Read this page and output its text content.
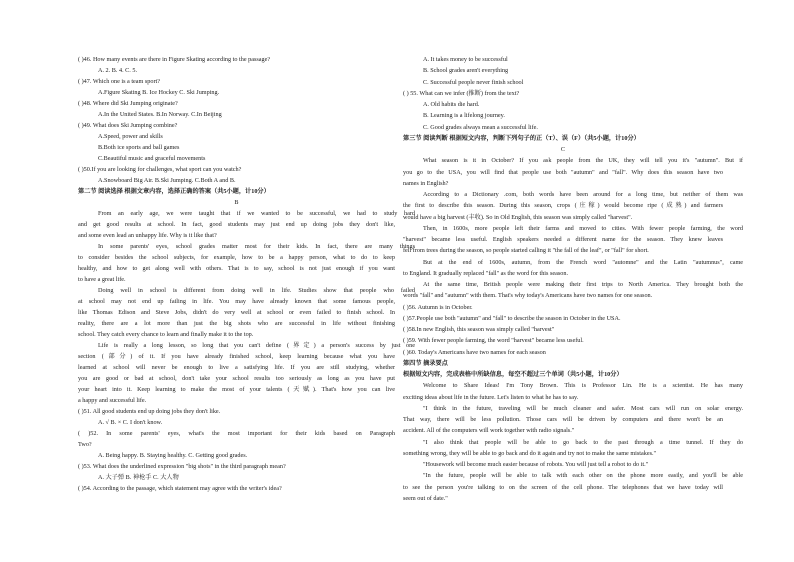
( )46. How many events are there in Figure Skating according to the passage?
A. 2. B. 4. C. 5.
( )47. Which one is a team sport?
A.Figure Skating B. Ice Hockey C. Ski Jumping.
( )48. Where did Ski Jumping originate?
A.In the United States. B.In Norway. C.In Beijing
( )49. What does Ski Jumping combine?
A.Speed, power and skills
B.Both ice sports and ball games
C.Beautiful music and graceful movements
( )50.If you are looking for challenges, what sport can you watch?
A.Snowboard Big Air. B.Ski Jumping. C.Both A and B.
第二节 阅读选择 根据文章内容，选择正确的答案（共5小题，计10分）
B
From an early age, we were taught that if we wanted to be successful, we had to study hard
and get good results at school. In fact, good students may just end up doing jobs they don't like,
and some even lead an unhappy life. Why is it like that?
In some parents' eyes, school grades matter most for their kids. In fact, there are many things
to consider besides the school subjects, for example, how to be a happy person, what to do to keep
healthy, and how to get along well with others. That is to say, school is not just enough if you want
to have a great life.
Doing well in school is different from doing well in life. Studies show that people who failed
at school may not end up failing in life. You may have already known that some famous people,
like Thomas Edison and Steve Jobs, didn't do very well at school or even failed to finish school. In
reality, there are a lot more than just the big shots who are successful in life without finishing
school. They catch every chance to learn and finally make it to the top.
Life is really a long lesson, so long that you can't define (界定) a person's success by just one
section (部分) of it. If you have already finished school, keep learning because what you have
learned at school will never be enough to live a satisfying life. If you are still studying, whether
you are good or bad at school, don't take your school results too seriously as long as you have put
your heart into it. Keep learning to make the most of your talents (天赋). That's how you can live
a happy and successful life.
( )51. All good students end up doing jobs they don't like.
A. √ B. × C. I don't know.
( )52. In some parents' eyes, what's the most important for their kids based on Paragraph
Two?
A. Being happy. B. Staying healthy. C. Getting good grades.
( )53. What does the underlined expression "big shots" in the third paragraph mean?
A. 大子弹 B. 神枪手 C. 大人物
( )54. According to the passage, which statement may agree with the writer's idea?
A. It takes money to be successful
B. School grades aren't everything
C. Successful people never finish school
( ) 55. What can we infer (推断) from the text?
A. Old habits die hard.
B. Learning is a lifelong journey.
C. Good grades always mean a successful life.
第三节 阅读判断 根据短文内容，判断下列句子的正（T）、误（F）（共5小题，计10分）
C
What season is it in October? If you ask people from the UK, they will tell you it's "autumn". But if
you go to the USA, you will find that people use both "autumn" and "fall". Why does this season have two
names in English?
According to a Dictionary .com, both words have been around for a long time, but neither of them was
the first to describe this season. During this season, crops (庄稼) would become ripe (成熟) and farmers
would have a big harvest (丰收). So in Old English, this season was simply called "harvest".
Then, in 1600s, more people left their farms and moved to cities. With fewer people farming, the word
"harvest" became less useful. English speakers needed a different name for the season. They knew leaves
fell from trees during the season, so people started calling it "the fall of the leaf", or "fall" for short.
But at the end of 1600s, autumn, from the French word "automne" and the Latin "autumnus", came
to England. It gradually replaced "fall" as the word for this season.
At the same time, British people were making their first trips to North America. They brought both the
words "fall" and "autumn" with them. That's why today's Americans have two names for one season.
( )56. Autumn is in October.
( )57.People use both "autumn" and "fall" to describe the season in October in the USA.
( )58.In new English, this season was simply called "harvest"
( )59. With fewer people farming, the word "harvest" became less useful.
( )60. Today's Americans have two names for each season
第四节 摘录要点
根据短文内容，完成表格中所缺信息，每空不超过三个单词（共5小题，计10分）
Welcome to Share Ideas! I'm Tony Brown. This is Professor Lin. He is a scientist. He has many
exciting ideas about life in the future. Let's listen to what he has to say.
"I think in the future, traveling will be much cleaner and safer. Most cars will run on solar energy.
That way, there will be less pollution. Those cars will be driven by computers and there won't be an
accident. All of the computers will work together with radio signals."
"I also think that people will be able to go back to the past through a time tunnel. If they do
something wrong, they will be able to go back and do it again and try not to make the same mistakes."
"Housework will become much easier because of robots. You will just tell a robot to do it."
"In the future, people will be able to talk with each other on the phone more easily, and you'll be able
to see the person you're talking to on the screen of the cell phone. The telephones that we have today will
seem out of date."
